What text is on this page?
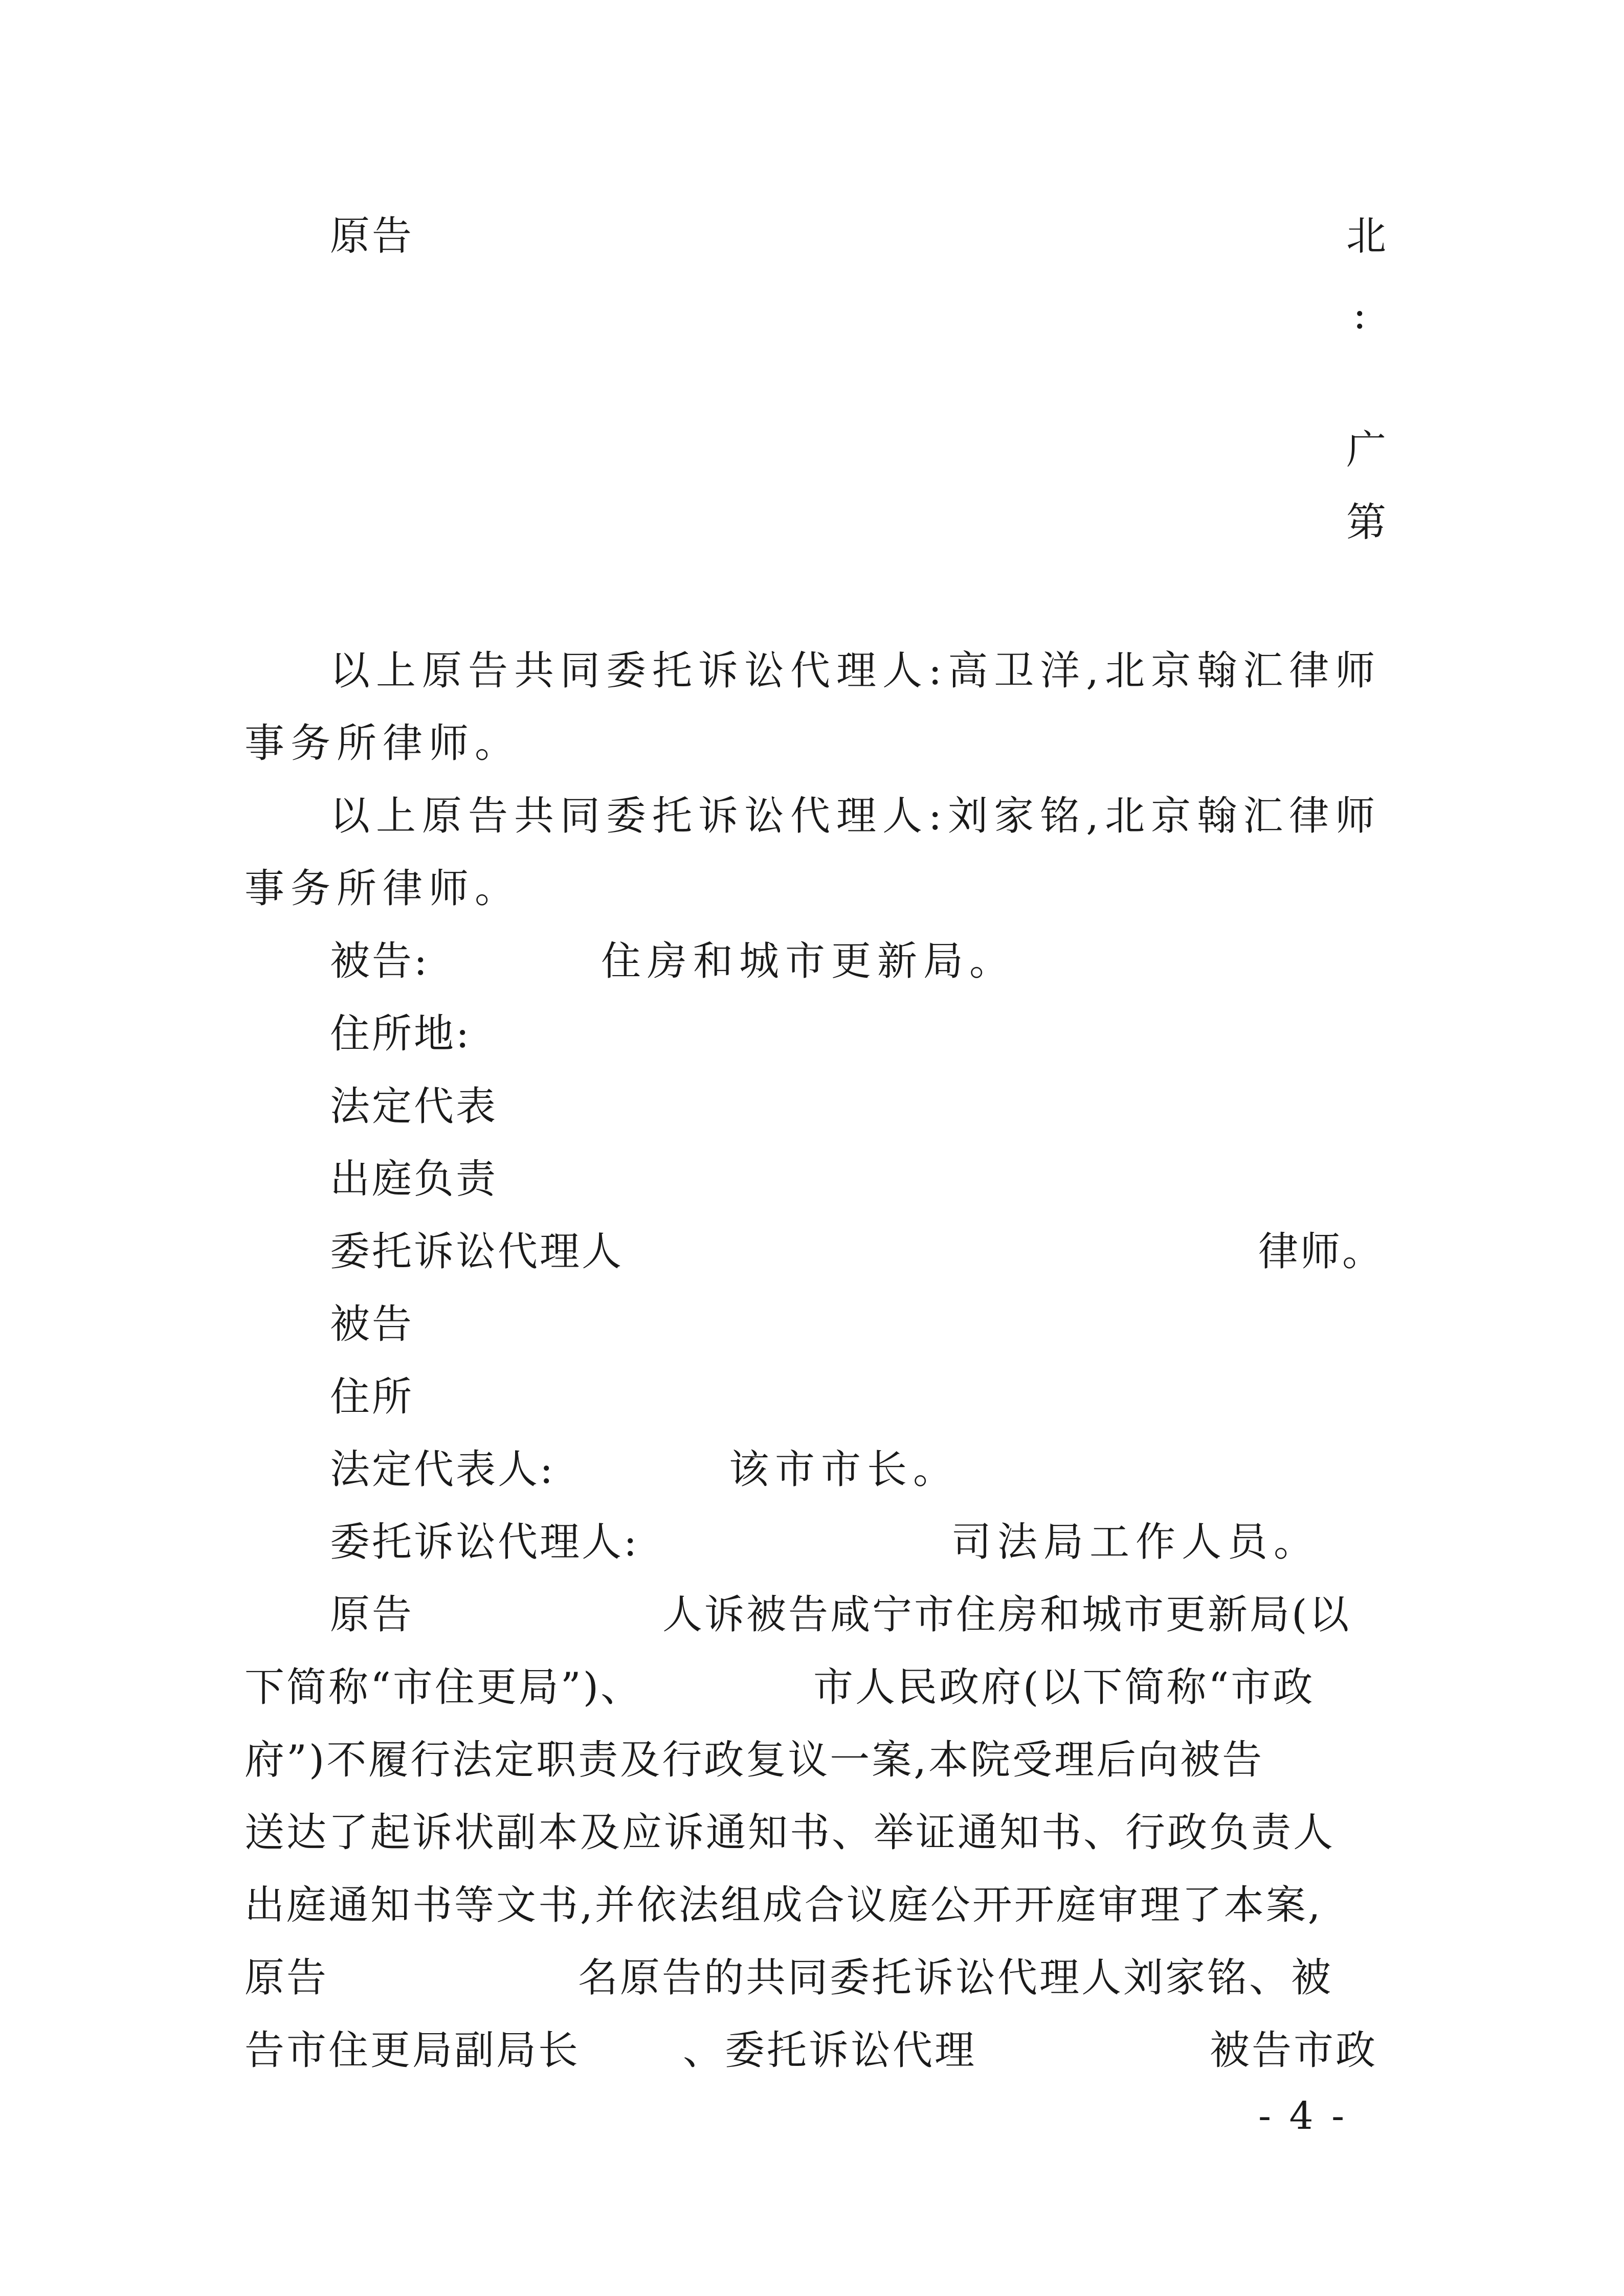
原告	北
:
广
第
以上原告共同委托诉讼代理人:高卫洋,北京翰汇律师
事务所律师。
以上原告共同委托诉讼代理人:刘家铭,北京翰汇律师
事务所律师。
被告:	住房和城市更新局。
住所地:
法定代表
出庭负责
委托诉讼代理人	律师。
被告
住所
法定代表人:	该市市长。
委托诉讼代理人:	司法局工作人员。
原告	人诉被告咸宁市住房和城市更新局(以
下简称“市住更局”)、	市人民政府(以下简称“市政
府”)不履行法定职责及行政复议一案,本院受理后向被告
送达了起诉状副本及应诉通知书、举证通知书、行政负责人
出庭通知书等文书,并依法组成合议庭公开开庭审理了本案,
原告	名原告的共同委托诉讼代理人刘家铭、被
告市住更局副局长	、委托诉讼代理	被告市政
- 4 -
